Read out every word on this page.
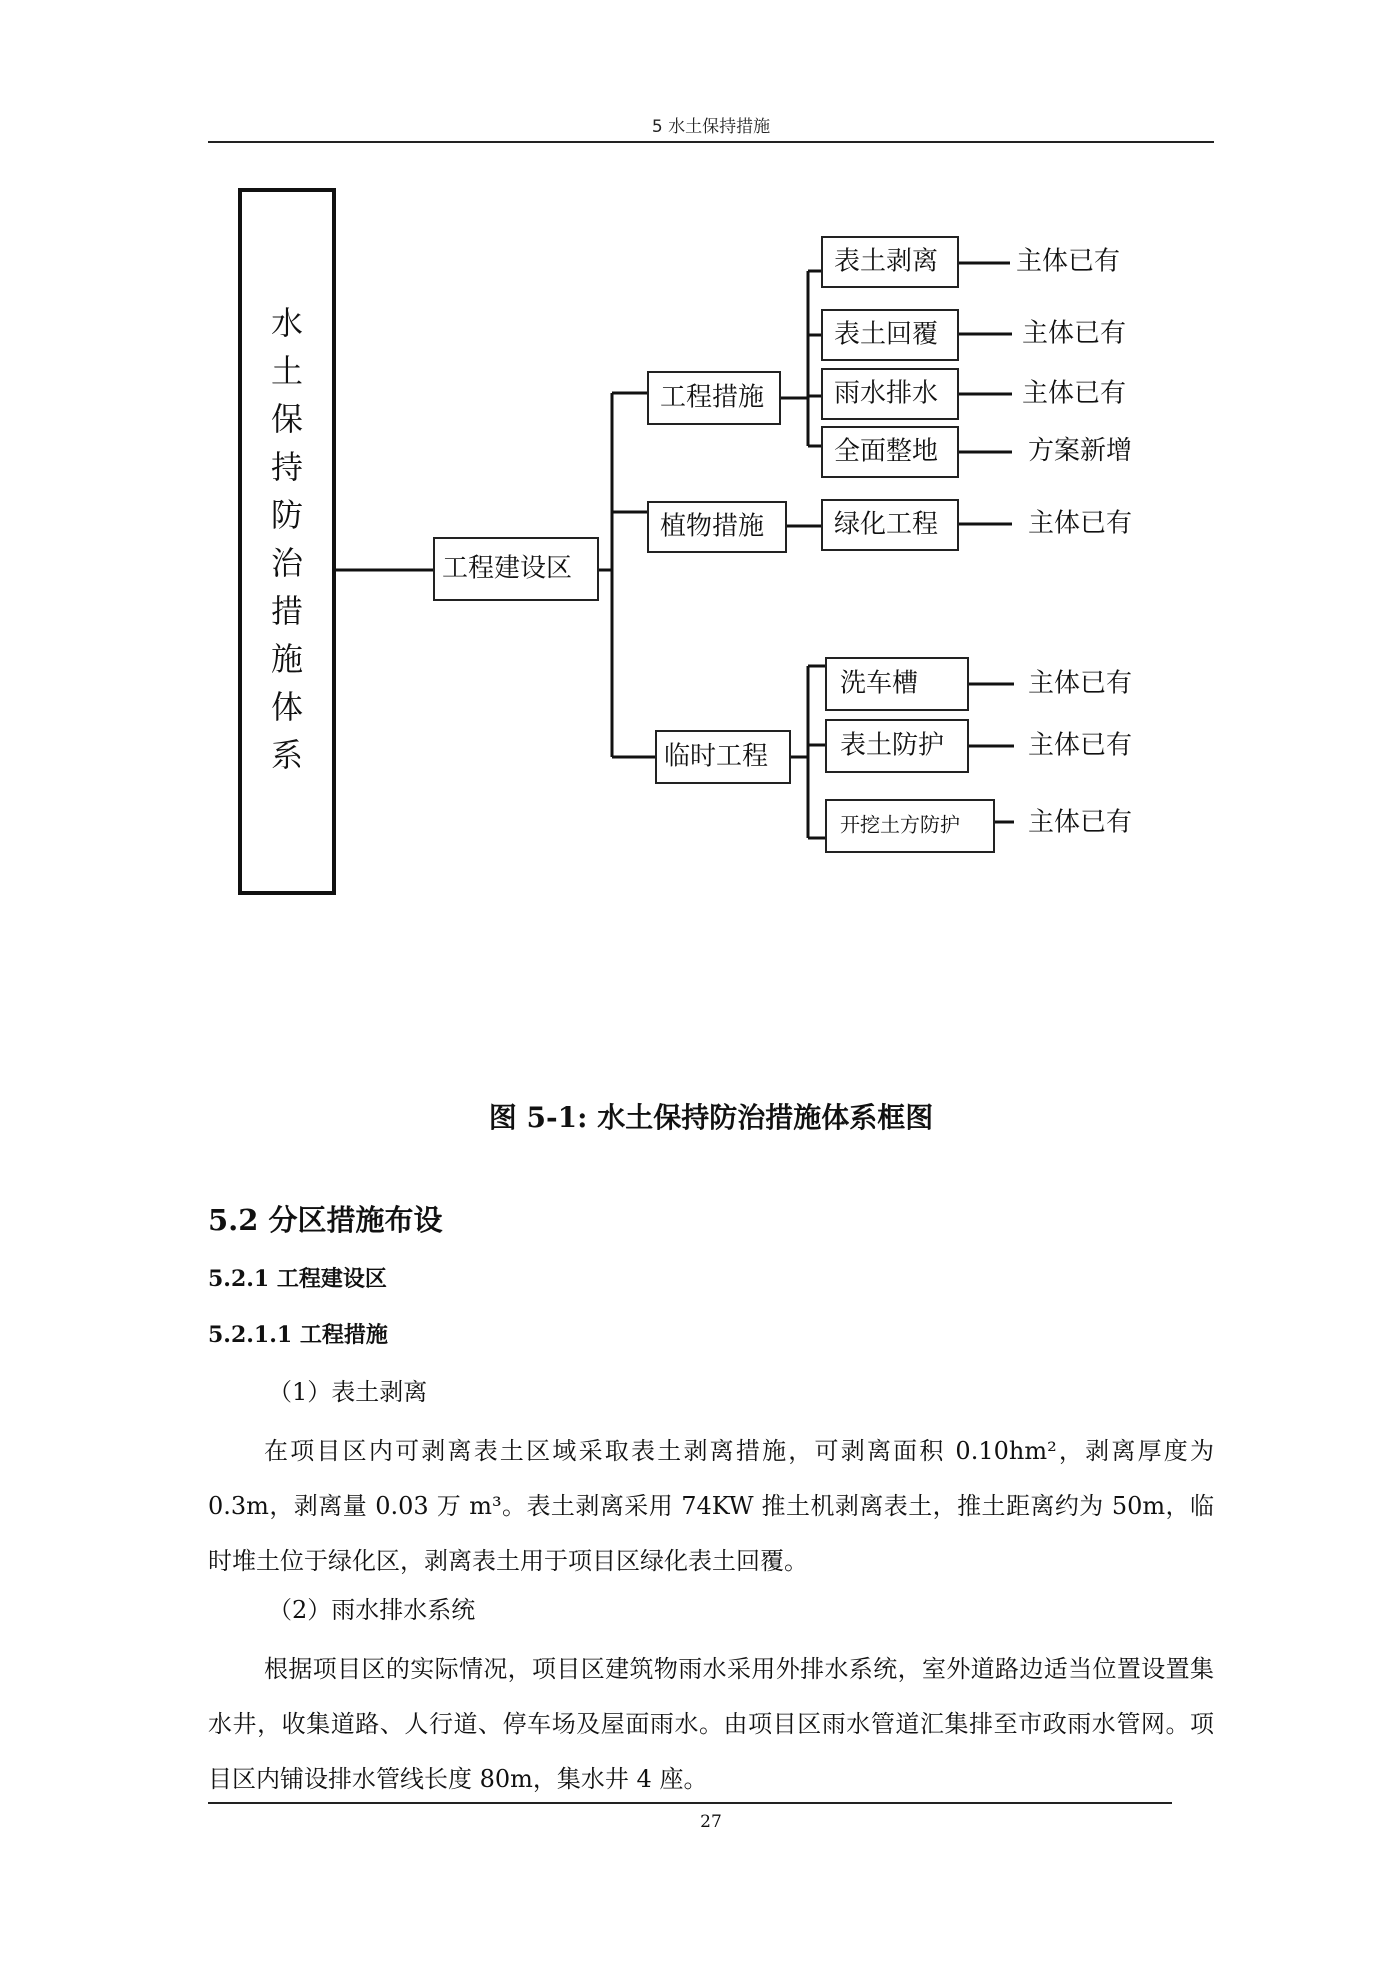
5 水土保持措施
水土保持防治措施体系
工程建设区
工程措施
植物措施
临时工程
表土剥离
表土回覆
雨水排水
全面整地
绿化工程
洗车槽
表土防护
开挖土方防护
主体已有
主体已有
主体已有
方案新增
主体已有
主体已有
主体已有
主体已有
图 5-1: 水土保持防治措施体系框图
5.2 分区措施布设
5.2.1 工程建设区
5.2.1.1 工程措施
（1）表土剥离

在项目区内可剥离表土区域采取表土剥离措施，可剥离面积 0.10hm²，剥离厚度为 0.3m，剥离量 0.03 万 m³。表土剥离采用 74KW 推土机剥离表土，推土距离约为 50m，临时堆土位于绿化区，剥离表土用于项目区绿化表土回覆。

（2）雨水排水系统

根据项目区的实际情况，项目区建筑物雨水采用外排水系统，室外道路边适当位置设置集水井，收集道路、人行道、停车场及屋面雨水。由项目区雨水管道汇集排至市政雨水管网。项目区内铺设排水管线长度 80m，集水井 4 座。

27
